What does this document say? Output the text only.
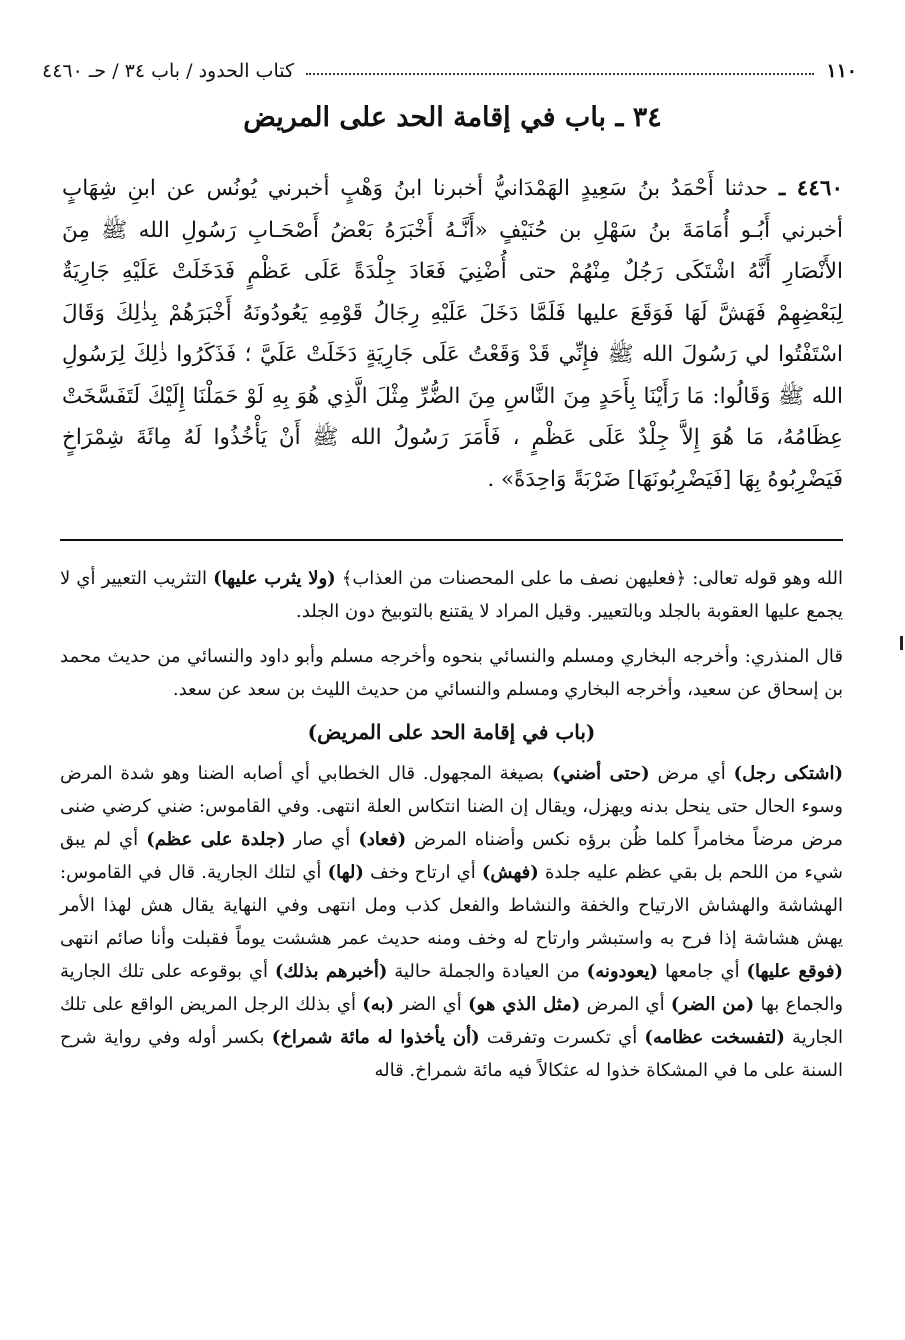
١١٠
كتاب الحدود / باب ٣٤ / حـ ٤٤٦٠
٣٤ ـ باب في إقامة الحد على المريض
٤٤٦٠ ـ حدثنا أَحْمَدُ بنُ سَعِيدٍ الهَمْدَانيُّ أخبرنا ابنُ وَهْبٍ أخبرني يُونُس عن ابنِ شِهَابٍ أخبرني أَبُـو أُمَامَةَ بنُ سَهْلِ بن حُنَيْفٍ «أَنَّـهُ أَخْبَرَهُ بَعْضُ أَصْحَـابِ رَسُولِ الله ﷺ مِنَ الأَنْصَارِ أَنَّهُ اشْتَكَى رَجُلٌ مِنْهُمْ حتى أُضْنِيَ فَعَادَ جِلْدَةً عَلَى عَظْمٍ فَدَخَلَتْ عَلَيْهِ جَارِيَةٌ لِبَعْضِهِمْ فَهَشَّ لَهَا فَوَقَعَ عليها فَلَمَّا دَخَلَ عَلَيْهِ رِجَالُ قَوْمِهِ يَعُودُونَهُ أَخْبَرَهُمْ بِذٰلِكَ وَقَالَ اسْتَفْتُوا لي رَسُولَ الله ﷺ فإِنِّي قَدْ وَقَعْتُ عَلَى جَارِيَةٍ دَخَلَتْ عَلَيَّ ؛ فَذَكَرُوا ذٰلِكَ لِرَسُولِ الله ﷺ وَقَالُوا: مَا رَأَيْنَا بِأَحَدٍ مِنَ النَّاسِ مِنَ الضُّرِّ مِثْلَ الَّذِي هُوَ بِهِ لَوْ حَمَلْنَا إِلَيْكَ لَتَفَسَّخَتْ عِظَامُهُ، مَا هُوَ إِلاَّ جِلْدٌ عَلَى عَظْمٍ ، فَأَمَرَ رَسُولُ الله ﷺ أَنْ يَأْخُذُوا لَهُ مِائَةَ شِمْرَاخٍ فَيَضْرِبُوهُ بِهَا [فَيَضْرِبُونَهَا] ضَرْبَةً وَاحِدَةً» .

الله وهو قوله تعالى: ﴿فعليهن نصف ما على المحصنات من العذاب﴾ (ولا يثرب عليها) التثريب التعيير أي لا يجمع عليها العقوبة بالجلد وبالتعيير. وقيل المراد لا يقتنع بالتوبيخ دون الجلد.

قال المنذري: وأخرجه البخاري ومسلم والنسائي بنحوه وأخرجه مسلم وأبو داود والنسائي من حديث محمد بن إسحاق عن سعيد، وأخرجه البخاري ومسلم والنسائي من حديث الليث بن سعد عن سعد.

(باب في إقامة الحد على المريض)

(اشتكى رجل) أي مرض (حتى أضني) بصيغة المجهول. قال الخطابي أي أصابه الضنا وهو شدة المرض وسوء الحال حتى ينحل بدنه ويهزل، ويقال إن الضنا انتكاس العلة انتهى. وفي القاموس: ضني كرضي ضنى مرض مرضاً مخامراً كلما ظُن برؤه نكس وأضناه المرض (فعاد) أي صار (جلدة على عظم) أي لم يبق شيء من اللحم بل بقي عظم عليه جلدة (فهش) أي ارتاح وخف (لها) أي لتلك الجارية. قال في القاموس: الهشاشة والهشاش الارتياح والخفة والنشاط والفعل كذب ومل انتهى وفي النهاية يقال هش لهذا الأمر يهش هشاشة إذا فرح به واستبشر وارتاح له وخف ومنه حديث عمر هششت يوماً فقبلت وأنا صائم انتهى (فوقع عليها) أي جامعها (يعودونه) من العيادة والجملة حالية (أخبرهم بذلك) أي بوقوعه على تلك الجارية والجماع بها (من الضر) أي المرض (مثل الذي هو) أي الضر (به) أي بذلك الرجل المريض الواقع على تلك الجارية (لتفسخت عظامه) أي تكسرت وتفرقت (أن يأخذوا له مائة شمراخ) بكسر أوله وفي رواية شرح السنة على ما في المشكاة خذوا له عثكالاً فيه مائة شمراخ. قاله
